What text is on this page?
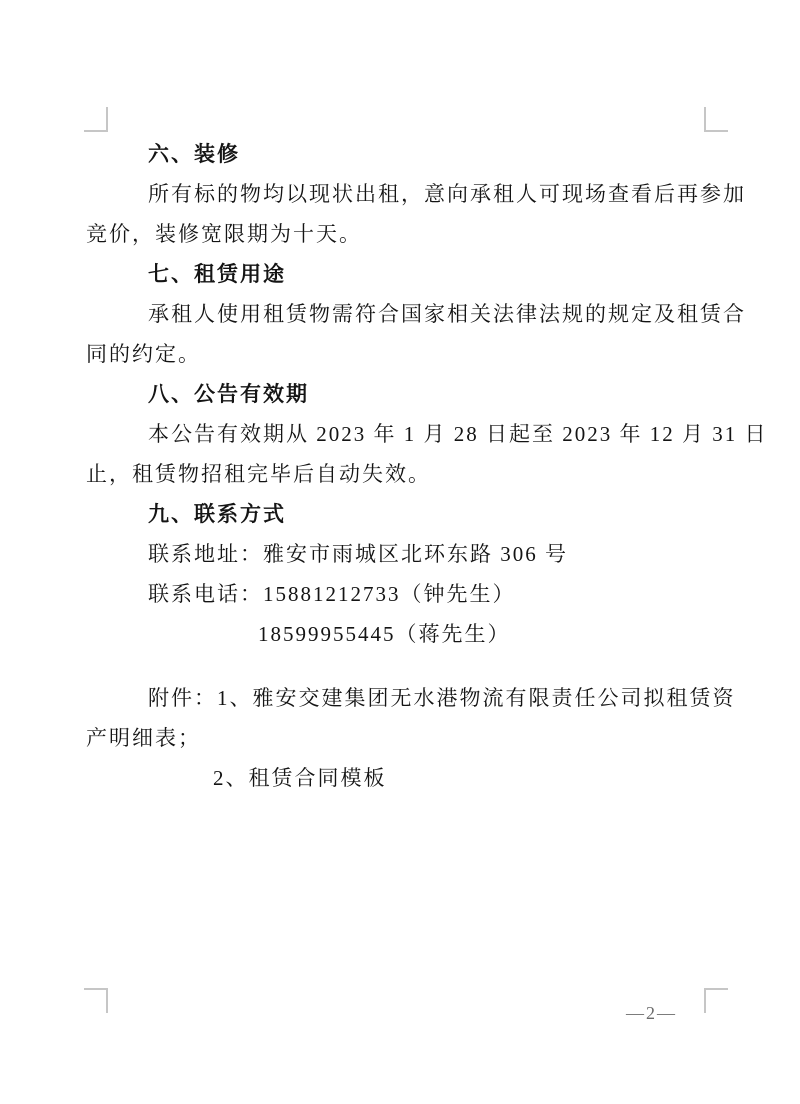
六、装修
所有标的物均以现状出租，意向承租人可现场查看后再参加
竞价，装修宽限期为十天。
七、租赁用途
承租人使用租赁物需符合国家相关法律法规的规定及租赁合
同的约定。
八、公告有效期
本公告有效期从 2023 年 1 月 28 日起至 2023 年 12 月 31 日
止，租赁物招租完毕后自动失效。
九、联系方式
联系地址：雅安市雨城区北环东路 306 号
联系电话：15881212733（钟先生）
18599955445（蒋先生）
附件：1、雅安交建集团无水港物流有限责任公司拟租赁资
产明细表；
2、租赁合同模板
—2—
